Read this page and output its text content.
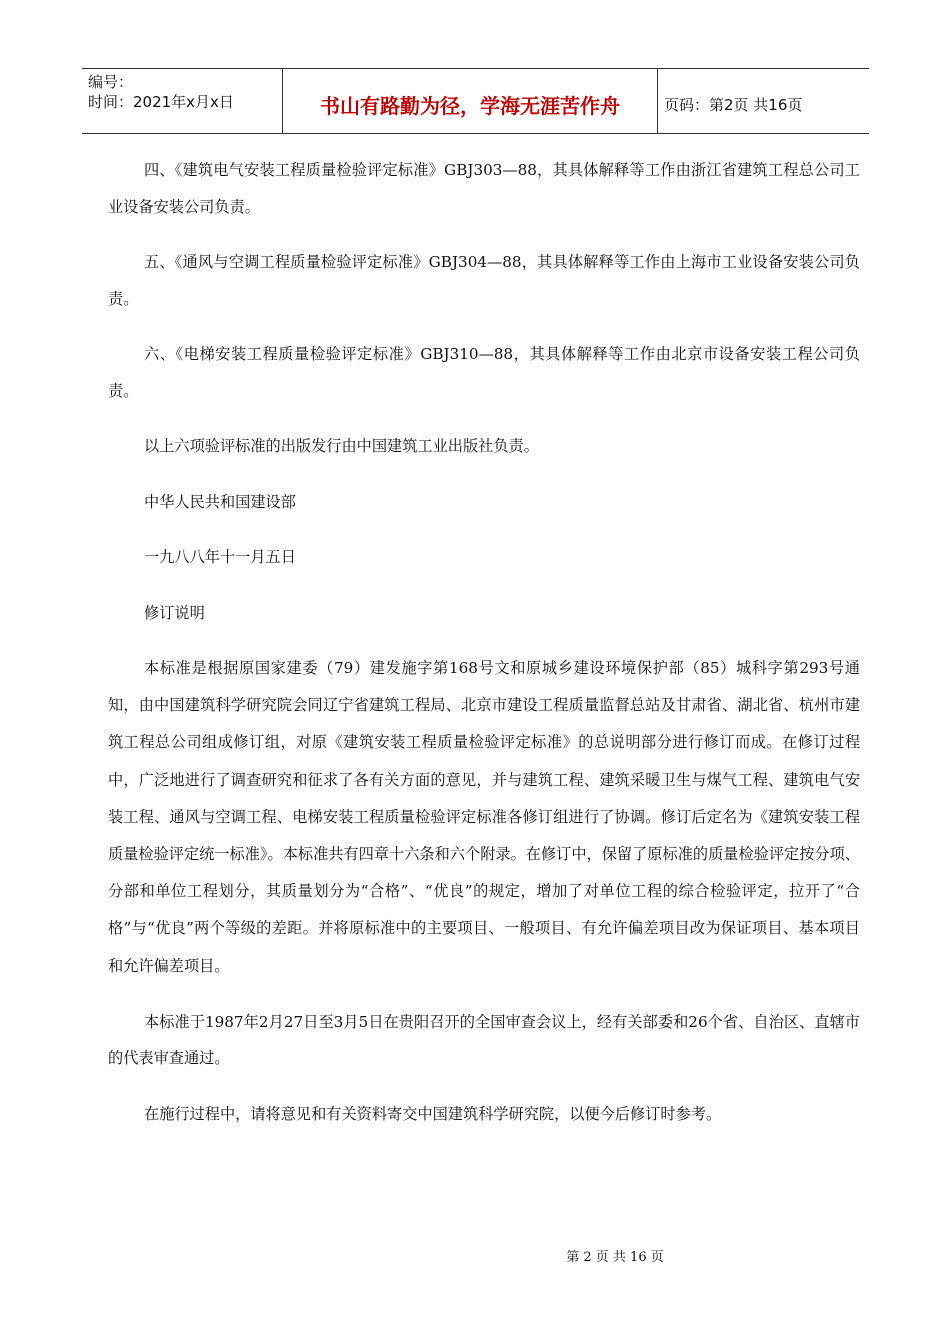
编号：
时间：2021年x月x日	书山有路勤为径，学海无涯苦作舟	页码：第2页 共16页

四、《建筑电气安装工程质量检验评定标准》GBJ303—88，其具体解释等工作由浙江省建筑工程总公司工业设备安装公司负责。

五、《通风与空调工程质量检验评定标准》GBJ304—88，其具体解释等工作由上海市工业设备安装公司负责。

六、《电梯安装工程质量检验评定标准》GBJ310—88，其具体解释等工作由北京市设备安装工程公司负责。

以上六项验评标准的出版发行由中国建筑工业出版社负责。

中华人民共和国建设部

一九八八年十一月五日

修订说明

本标准是根据原国家建委（79）建发施字第168号文和原城乡建设环境保护部（85）城科字第293号通知，由中国建筑科学研究院会同辽宁省建筑工程局、北京市建设工程质量监督总站及甘肃省、湖北省、杭州市建筑工程总公司组成修订组，对原《建筑安装工程质量检验评定标准》的总说明部分进行修订而成。在修订过程中，广泛地进行了调查研究和征求了各有关方面的意见，并与建筑工程、建筑采暖卫生与煤气工程、建筑电气安装工程、通风与空调工程、电梯安装工程质量检验评定标准各修订组进行了协调。修订后定名为《建筑安装工程质量检验评定统一标准》。本标准共有四章十六条和六个附录。在修订中，保留了原标准的质量检验评定按分项、分部和单位工程划分，其质量划分为“合格”、“优良”的规定，增加了对单位工程的综合检验评定，拉开了“合格”与“优良”两个等级的差距。并将原标准中的主要项目、一般项目、有允许偏差项目改为保证项目、基本项目和允许偏差项目。

本标准于1987年2月27日至3月5日在贵阳召开的全国审查会议上，经有关部委和26个省、自治区、直辖市的代表审查通过。

在施行过程中，请将意见和有关资料寄交中国建筑科学研究院，以便今后修订时参考。

第 2 页 共 16 页
